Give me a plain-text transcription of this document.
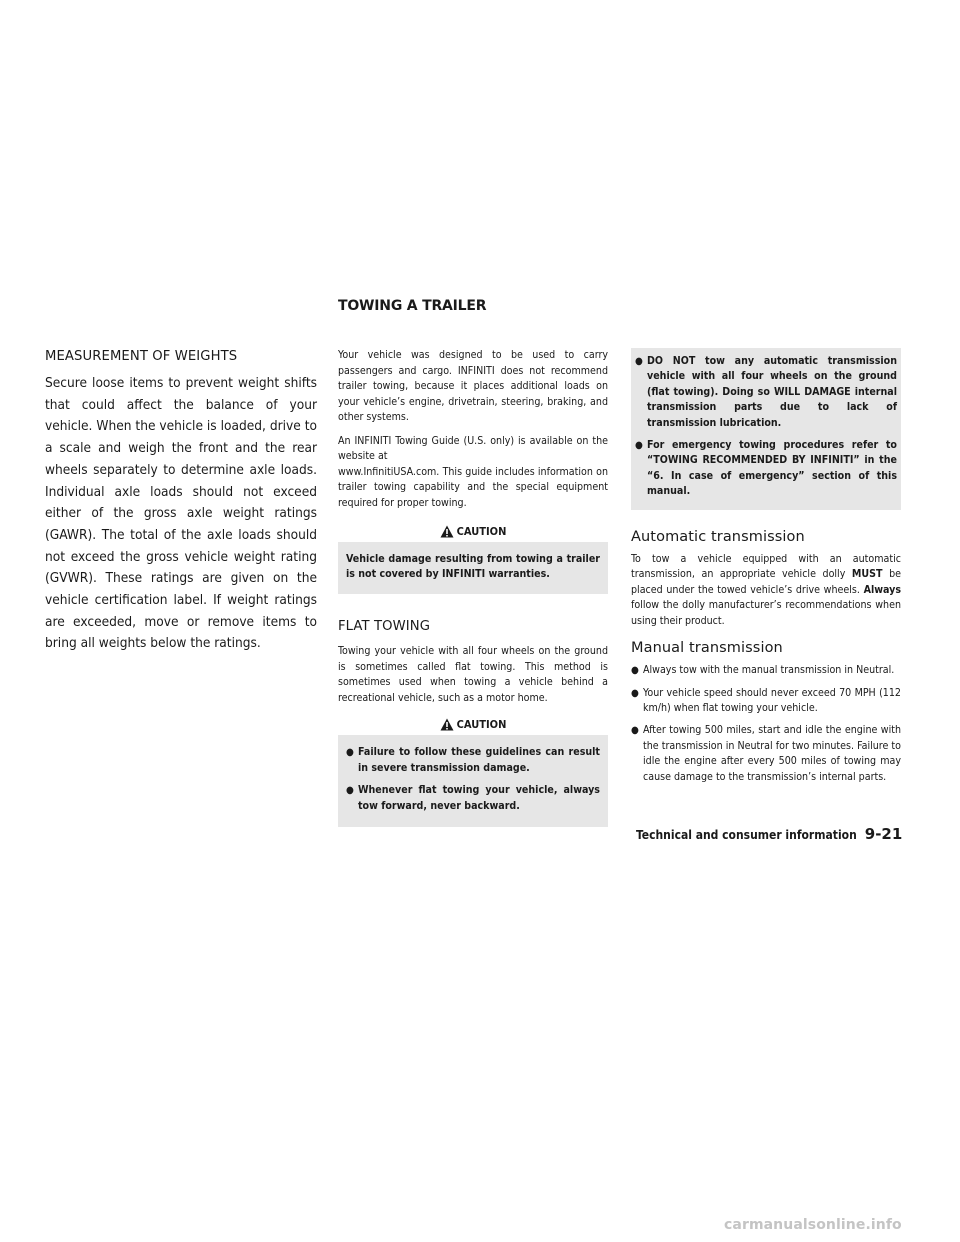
TOWING A TRAILER
MEASUREMENT OF WEIGHTS

Secure loose items to prevent weight shifts that could affect the balance of your vehicle. When the vehicle is loaded, drive to a scale and weigh the front and the rear wheels separately to determine axle loads. Individual axle loads should not exceed either of the gross axle weight ratings (GAWR). The total of the axle loads should not exceed the gross vehicle weight rating (GVWR). These ratings are given on the vehicle certification label. If weight ratings are exceeded, move or remove items to bring all weights below the ratings.

Your vehicle was designed to be used to carry passengers and cargo. INFINITI does not recommend trailer towing, because it places additional loads on your vehicle’s engine, drivetrain, steering, braking, and other systems.

An INFINITI Towing Guide (U.S. only) is available on the website at
www.InfinitiUSA.com. This guide includes information on trailer towing capability and the special equipment required for proper towing.

CAUTION

Vehicle damage resulting from towing a trailer is not covered by INFINITI warranties.

FLAT TOWING

Towing your vehicle with all four wheels on the ground is sometimes called flat towing. This method is sometimes used when towing a vehicle behind a recreational vehicle, such as a motor home.

CAUTION
● Failure to follow these guidelines can result in severe transmission damage.
● Whenever flat towing your vehicle, always tow forward, never backward.
● DO NOT tow any automatic transmission vehicle with all four wheels on the ground (flat towing). Doing so WILL DAMAGE internal transmission parts due to lack of transmission lubrication.
● For emergency towing procedures refer to “TOWING RECOMMENDED BY INFINITI” in the “6. In case of emergency” section of this manual.
Automatic transmission

To tow a vehicle equipped with an automatic transmission, an appropriate vehicle dolly MUST be placed under the towed vehicle’s drive wheels. Always follow the dolly manufacturer’s recommendations when using their product.

Manual transmission
● Always tow with the manual transmission in Neutral.
● Your vehicle speed should never exceed 70 MPH (112 km/h) when flat towing your vehicle.
● After towing 500 miles, start and idle the engine with the transmission in Neutral for two minutes. Failure to idle the engine after every 500 miles of towing may cause damage to the transmission’s internal parts.
Technical and consumer information 9-21
carmanualsonline.info
